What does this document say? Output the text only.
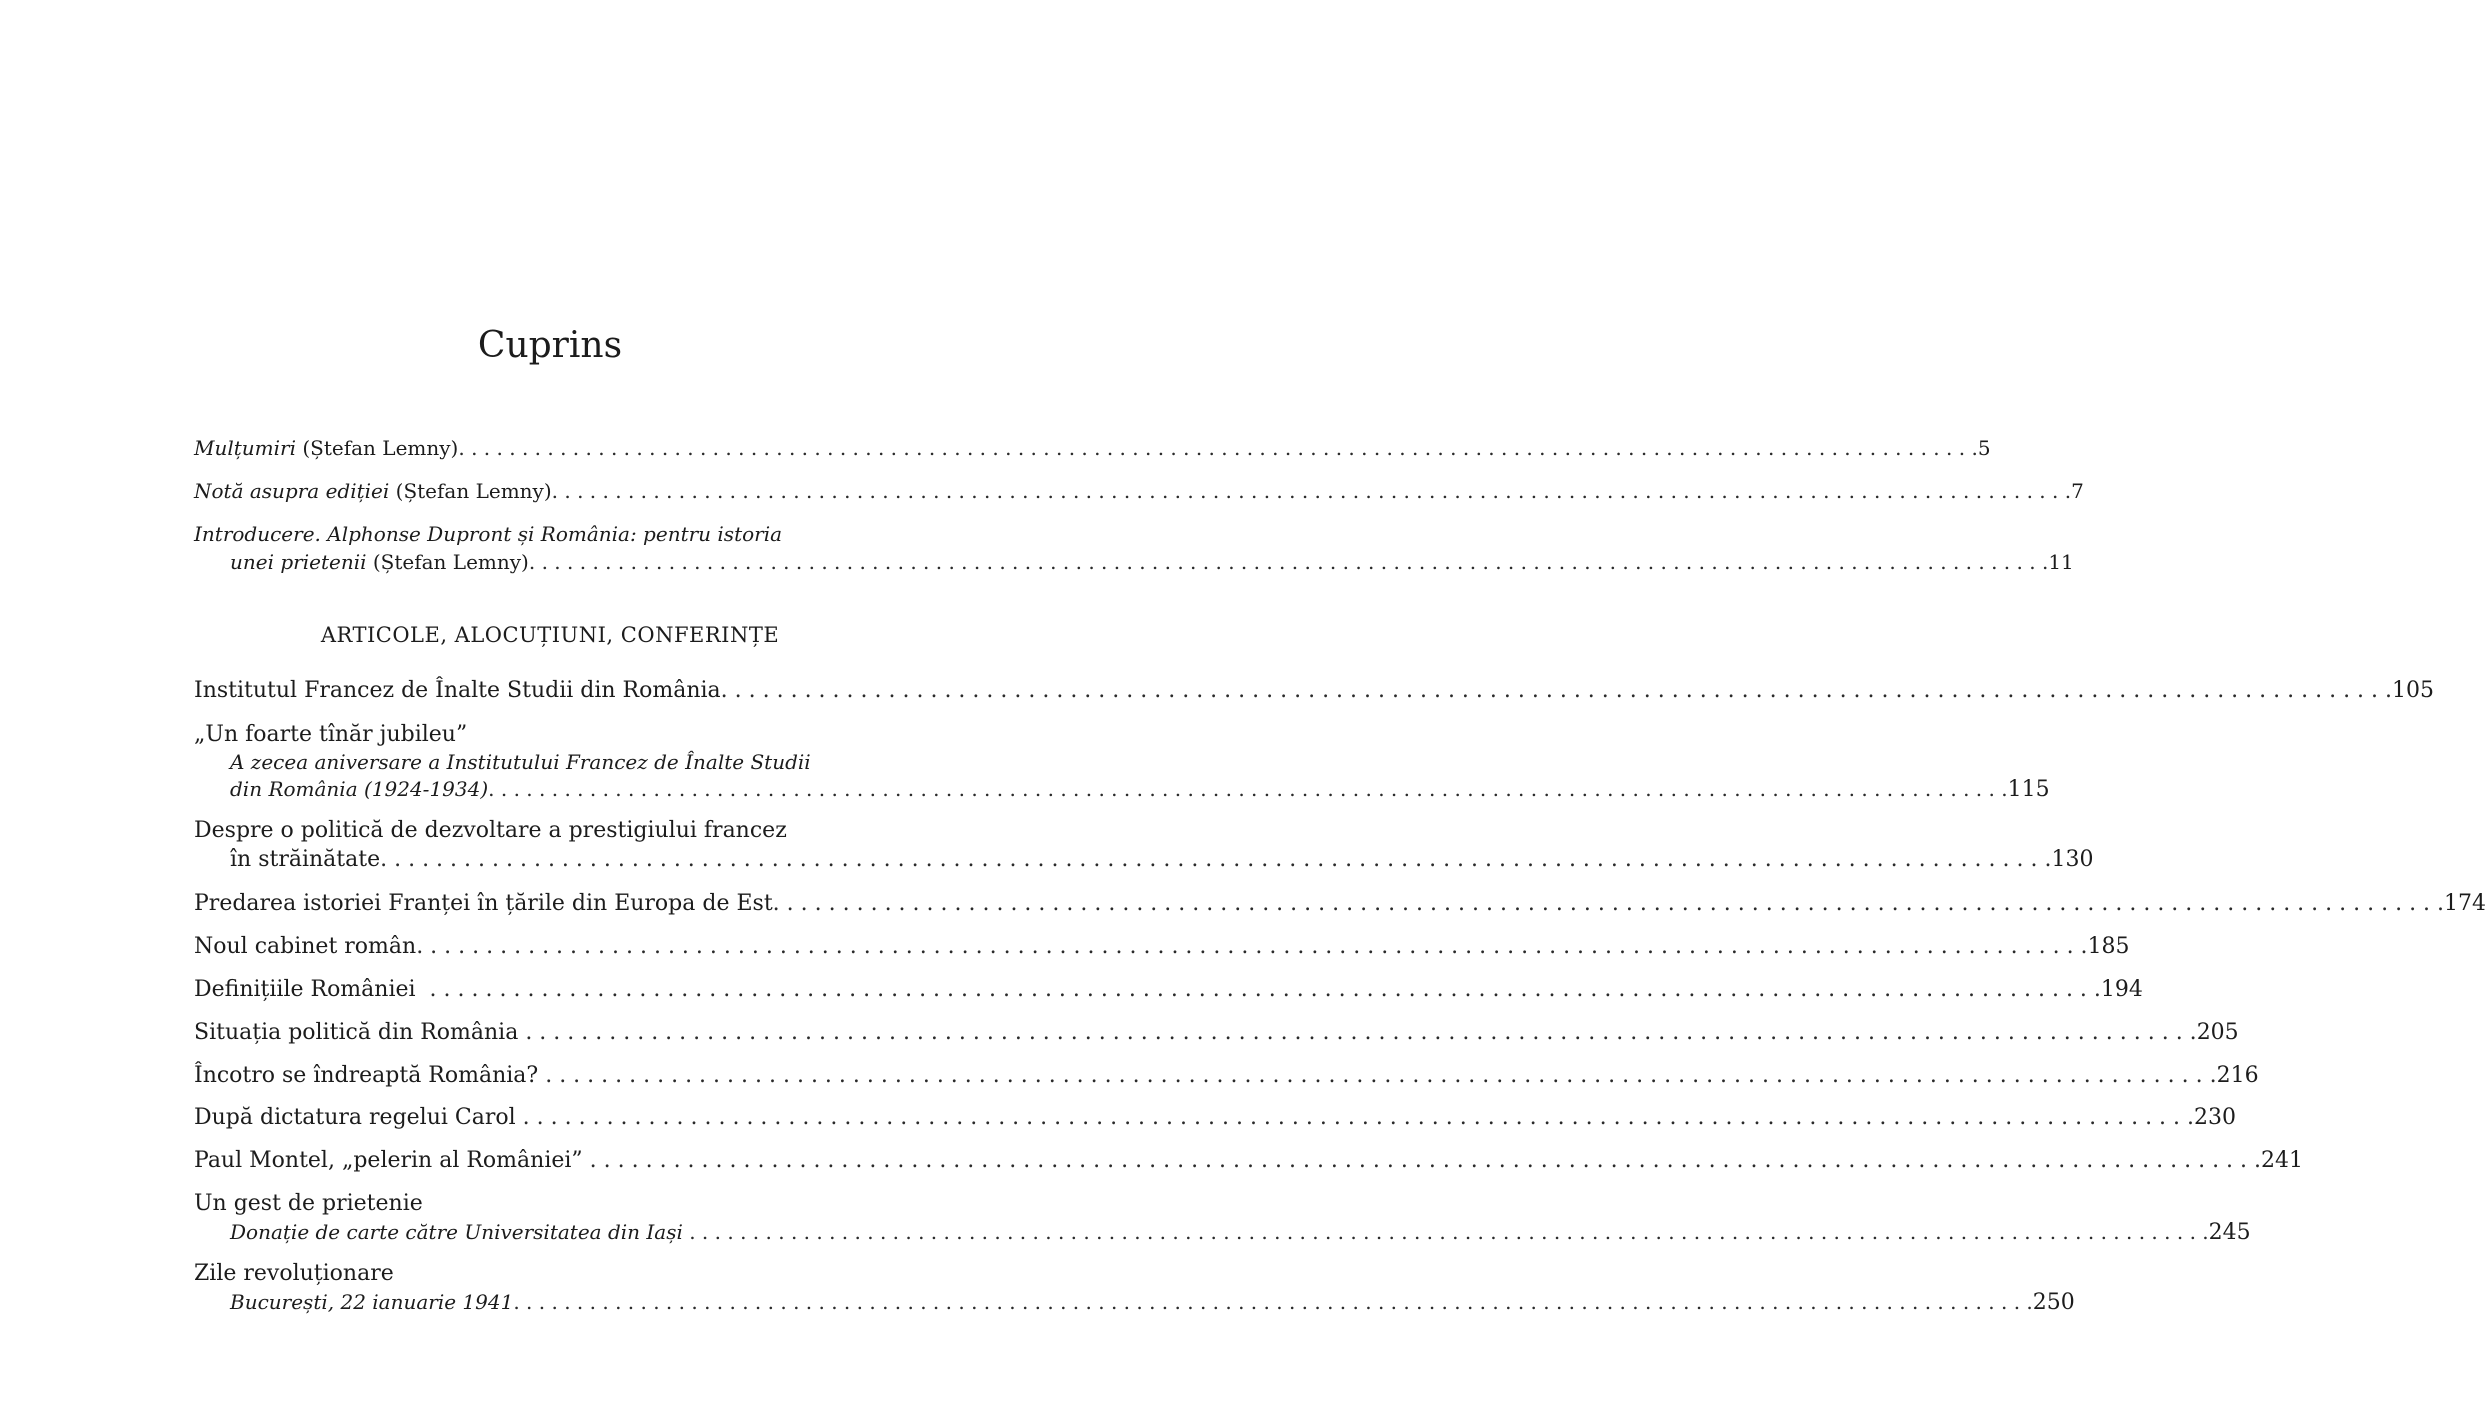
Cuprins
Mulțumiri (Ștefan Lemny) . . . . . . . . . . . . . . . . . . . . . . . . . . . . . . . . . . . . . . . . . . . . . . . . . . . . . . . . . . . . . . . . . . . . . . . . . . . . . . . . . . . . . . . . . . . . . . . . . . . . . . . . . . . . . . . . . . . . . . . . 5
Notă asupra ediției (Ștefan Lemny) . . . . . . . . . . . . . . . . . . . . . . . . . . . . . . . . . . . . . . . . . . . . . . . . . . . . . . . . . . . . . . . . . . . . . . . . . . . . . . . . . . . . . . . . . . . . . . . . . . . . . . . . . . . . . . . . . . . . . . . . 7
Introducere. Alphonse Dupront și România: pentru istoria
unei prietenii (Ștefan Lemny) . . . . . . . . . . . . . . . . . . . . . . . . . . . . . . . . . . . . . . . . . . . . . . . . . . . . . . . . . . . . . . . . . . . . . . . . . . . . . . . . . . . . . . . . . . . . . . . . . . . . . . . . . . . . . . . . . . . . . . . . 11
Institutul Francez de Înalte Studii din România . . . . . . . . . . . . . . . . . . . . . . . . . . . . . . . . . . . . . . . . . . . . . . . . . . . . . . . . . . . . . . . . . . . . . . . . . . . . . . . . . . . . . . . . . . . . . . . . . . . . . . . . . . . . . . . . . . . . . . . . 105
„Un foarte tînăr jubileu”
A zecea aniversare a Institutului Francez de Înalte Studii
din România (1924-1934) . . . . . . . . . . . . . . . . . . . . . . . . . . . . . . . . . . . . . . . . . . . . . . . . . . . . . . . . . . . . . . . . . . . . . . . . . . . . . . . . . . . . . . . . . . . . . . . . . . . . . . . . . . . . . . . . . . . . . . . . 115
Despre o politică de dezvoltare a prestigiului francez
în străinătate . . . . . . . . . . . . . . . . . . . . . . . . . . . . . . . . . . . . . . . . . . . . . . . . . . . . . . . . . . . . . . . . . . . . . . . . . . . . . . . . . . . . . . . . . . . . . . . . . . . . . . . . . . . . . . . . . . . . . . . . 130
Predarea istoriei Franței în țările din Europa de Est . . . . . . . . . . . . . . . . . . . . . . . . . . . . . . . . . . . . . . . . . . . . . . . . . . . . . . . . . . . . . . . . . . . . . . . . . . . . . . . . . . . . . . . . . . . . . . . . . . . . . . . . . . . . . . . . . . . . . . . . 174
Noul cabinet român . . . . . . . . . . . . . . . . . . . . . . . . . . . . . . . . . . . . . . . . . . . . . . . . . . . . . . . . . . . . . . . . . . . . . . . . . . . . . . . . . . . . . . . . . . . . . . . . . . . . . . . . . . . . . . . . . . . . . . . . 185
Definițiile României . . . . . . . . . . . . . . . . . . . . . . . . . . . . . . . . . . . . . . . . . . . . . . . . . . . . . . . . . . . . . . . . . . . . . . . . . . . . . . . . . . . . . . . . . . . . . . . . . . . . . . . . . . . . . . . . . . . . . . . . 194
Situația politică din România . . . . . . . . . . . . . . . . . . . . . . . . . . . . . . . . . . . . . . . . . . . . . . . . . . . . . . . . . . . . . . . . . . . . . . . . . . . . . . . . . . . . . . . . . . . . . . . . . . . . . . . . . . . . . . . . . . . . . . . . 205
Încotro se îndreaptă România? . . . . . . . . . . . . . . . . . . . . . . . . . . . . . . . . . . . . . . . . . . . . . . . . . . . . . . . . . . . . . . . . . . . . . . . . . . . . . . . . . . . . . . . . . . . . . . . . . . . . . . . . . . . . . . . . . . . . . . . . 216
După dictatura regelui Carol . . . . . . . . . . . . . . . . . . . . . . . . . . . . . . . . . . . . . . . . . . . . . . . . . . . . . . . . . . . . . . . . . . . . . . . . . . . . . . . . . . . . . . . . . . . . . . . . . . . . . . . . . . . . . . . . . . . . . . . . 230
Paul Montel, „pelerin al României” . . . . . . . . . . . . . . . . . . . . . . . . . . . . . . . . . . . . . . . . . . . . . . . . . . . . . . . . . . . . . . . . . . . . . . . . . . . . . . . . . . . . . . . . . . . . . . . . . . . . . . . . . . . . . . . . . . . . . . . . 241
Un gest de prietenie
Donație de carte către Universitatea din Iași . . . . . . . . . . . . . . . . . . . . . . . . . . . . . . . . . . . . . . . . . . . . . . . . . . . . . . . . . . . . . . . . . . . . . . . . . . . . . . . . . . . . . . . . . . . . . . . . . . . . . . . . . . . . . . . . . . . . . . . . 245
Zile revoluționare
București, 22 ianuarie 1941 . . . . . . . . . . . . . . . . . . . . . . . . . . . . . . . . . . . . . . . . . . . . . . . . . . . . . . . . . . . . . . . . . . . . . . . . . . . . . . . . . . . . . . . . . . . . . . . . . . . . . . . . . . . . . . . . . . . . . . . . 250
ARTICOLE, ALOCUȚIUNI, CONFERINȚE
